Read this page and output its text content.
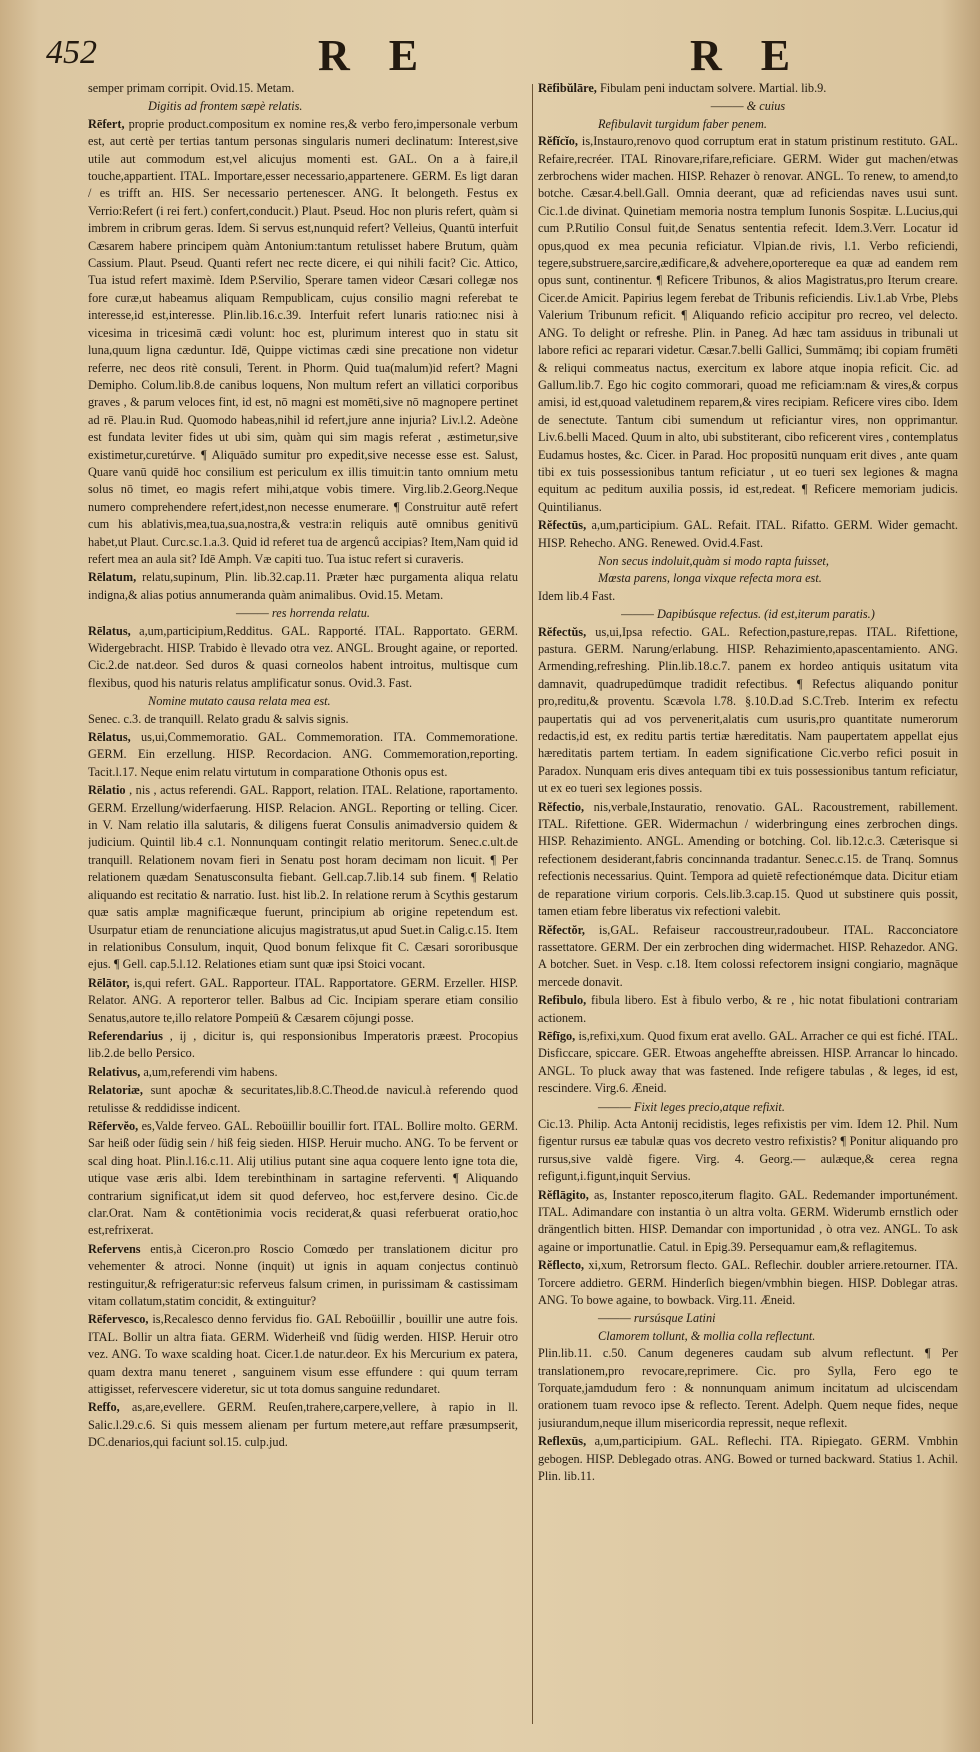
452	R E	R E

semper primam corripit. Ovid.15. Metam.

Digitis ad frontem sæpè relatis.

Rēfert, proprie product.compositum ex nomine res,& verbo fero,impersonale verbum est, aut certè per tertias tantum personas singularis numeri declinatum: Interest,sive utile aut commodum est,vel alicujus momenti est. GAL. On a à faire,il touche,appartient. ITAL. Importare,esser necessario,appartenere. GERM. Es ligt daran / es trifft an. HIS. Ser necessario pertenescer. ANG. It belongeth. Festus ex Verrio:Refert (i rei fert.) confert,conducit.) Plaut. Pseud. Hoc non pluris refert, quàm si imbrem in cribrum geras. Idem. Si servus est,nunquid refert? Velleius, Quantū interfuit Cæsarem habere principem quàm Antonium:tantum retulisset habere Brutum, quàm Cassium. Plaut. Pseud. Quanti refert nec recte dicere, ei qui nihili facit? Cic. Attico, Tua istud refert maximè. Idem P.Servilio, Sperare tamen videor Cæsari collegæ nos fore curæ,ut habeamus aliquam Rempublicam, cujus consilio magni referebat te interesse,id est,interesse. Plin.lib.16.c.39. Interfuit refert lunaris ratio:nec nisi à vicesima in tricesimā cædi volunt: hoc est, plurimum interest quo in statu sit luna,quum ligna cæduntur. Idē, Quippe victimas cædi sine precatione non videtur referre, nec deos ritè consuli, Terent. in Phorm. Quid tua(malum)id refert? Magni Demipho. Colum.lib.8.de canibus loquens, Non multum refert an villatici corporibus graves , & parum veloces fint, id est, nō magni est momēti,sive nō magnopere pertinet ad rē. Plau.in Rud. Quomodo habeas,nihil id refert,jure anne injuria? Liv.l.2. Adeòne est fundata leviter fides ut ubi sim, quàm qui sim magis referat , æstimetur,sive existimetur,curetúrve. ¶ Aliquādo sumitur pro expedit,sive necesse esse est. Salust, Quare vanū quidē hoc consilium est periculum ex illis timuit:in tanto omnium metu solus nō timet, eo magis refert mihi,atque vobis timere. Virg.lib.2.Georg.Neque numero comprehendere refert,idest,non necesse enumerare. ¶ Construitur autē refert cum his ablativis,mea,tua,sua,nostra,& vestra:in reliquis autē omnibus genitivū habet,ut Plaut. Curc.sc.1.a.3. Quid id referet tua de argenců accipias? Item,Nam quid id refert mea an aula sit? Idē Amph. Væ capiti tuo. Tua istuc refert si curaveris.

Rēlatum, relatu,supinum, Plin. lib.32.cap.11. Præter hæc purgamenta aliqua relatu indigna,& alias potius annumeranda quàm animalibus. Ovid.15. Metam.

——— res horrenda relatu.

Rēlatus, a,um,participium,Redditus. GAL. Rapporté. ITAL. Rapportato. GERM. Widergebracht. HISP. Trabido è llevado otra vez. ANGL. Brought againe, or reported. Cic.2.de nat.deor. Sed duros & quasi corneolos habent introitus, multisque cum flexibus, quod his naturis relatus amplificatur sonus. Ovid.3. Fast.

Nomine mutato causa relata mea est.

Senec. c.3. de tranquill. Relato gradu & salvis signis.

Rēlatus, us,ui,Commemoratio. GAL. Commemoration. ITA. Commemoratione. GERM. Ein erzellung. HISP. Recordacion. ANG. Commemoration,reporting. Tacit.l.17. Neque enim relatu virtutum in comparatione Othonis opus est.

Rēlatio , nis , actus referendi. GAL. Rapport, relation. ITAL. Relatione, raportamento. GERM. Erzellung/widerfaerung. HISP. Relacion. ANGL. Reporting or telling. Cicer. in V. Nam relatio illa salutaris, & diligens fuerat Consulis animadversio quidem & judicium. Quintil lib.4 c.1. Nonnunquam contingit relatio meritorum. Senec.c.ult.de tranquill. Relationem novam fieri in Senatu post horam decimam non licuit. ¶ Per relationem quædam Senatusconsulta fiebant. Gell.cap.7.lib.14 sub finem. ¶ Relatio aliquando est recitatio & narratio. Iust. hist lib.2. In relatione rerum à Scythis gestarum quæ satis amplæ magnificæque fuerunt, principium ab origine repetendum est. Usurpatur etiam de renunciatione alicujus magistratus,ut apud Suet.in Calig.c.15. Item in relationibus Consulum, inquit, Quod bonum felixque fit C. Cæsari sororibusque ejus. ¶ Gell. cap.5.l.12. Relationes etiam sunt quæ ipsi Stoici vocant.

Rēlātor, is,qui refert. GAL. Rapporteur. ITAL. Rapportatore. GERM. Erzeller. HISP. Relator. ANG. A reporteror teller. Balbus ad Cic. Incipiam sperare etiam consilio Senatus,autore te,illo relatore Pompeiū & Cæsarem cōjungi posse.

Referendarius , ij , dicitur is, qui responsionibus Imperatoris præest. Procopius lib.2.de bello Persico.

Relativus, a,um,referendi vim habens.

Relatoriæ, sunt apochæ & securitates,lib.8.C.Theod.de navicul.à referendo quod retulisse & reddidisse indicent.

Rēfervĕo, es,Valde ferveo. GAL. Reboüillir bouillir fort. ITAL. Bollire molto. GERM. Sar heiß oder ſüdig sein / hiß feig sieden. HISP. Heruir mucho. ANG. To be fervent or scal ding hoat. Plin.l.16.c.11. Alij utilius putant sine aqua coquere lento igne tota die, utique vase æris albi. Idem terebinthinam in sartagine referventi. ¶ Aliquando contrarium significat,ut idem sit quod deferveo, hoc est,fervere desino. Cic.de clar.Orat. Nam & contētionimia vocis reciderat,& quasi referbuerat oratio,hoc est,refrixerat.

Refervens entis,à Ciceron.pro Roscio Comœdo per translationem dicitur pro vehementer & atroci. Nonne (inquit) ut ignis in aquam conjectus continuò restinguitur,& refrigeratur:sic referveus falsum crimen, in purissimam & castissimam vitam collatum,statim concidit, & extinguitur?

Rēfervesco, is,Recalesco denno fervidus fio. GAL Reboüillir , bouillir une autre fois. ITAL. Bollir un altra fiata. GERM. Widerheiß vnd ſüdig werden. HISP. Heruir otro vez. ANG. To waxe scalding hoat. Cicer.1.de natur.deor. Ex his Mercurium ex patera, quam dextra manu teneret , sanguinem visum esse effundere : qui quum terram attigisset, refervescere videretur, sic ut tota domus sanguine redundaret.

Reffo, as,are,evellere. GERM. Reuſen,trahere,carpere,vellere, à rapio in ll. Salic.l.29.c.6. Si quis messem alienam per furtum metere,aut reffare præsumpserit, DC.denarios,qui faciunt sol.15. culp.jud.

Rēfibŭlāre, Fibulam peni inductam solvere. Martial. lib.9.

——— & cuius

Refibulavit turgidum faber penem.

Rĕfĭcĭo, is,Instauro,renovo quod corruptum erat in statum pristinum restituto. GAL. Refaire,recréer. ITAL Rinovare,rifare,reficiare. GERM. Wider gut machen/etwas zerbrochens wider machen. HISP. Rehazer ò renovar. ANGL. To renew, to amend,to botche. Cæsar.4.bell.Gall. Omnia deerant, quæ ad reficiendas naves usui sunt. Cic.1.de divinat. Quinetiam memoria nostra templum Iunonis Sospitæ. L.Lucius,qui cum P.Rutilio Consul fuit,de Senatus sententia refecit. Idem.3.Verr. Locatur id opus,quod ex mea pecunia reficiatur. Vlpian.de rivis, l.1. Verbo reficiendi, tegere,substruere,sarcire,ædificare,& advehere,oportereque ea quæ ad eandem rem opus sunt, continentur. ¶ Reficere Tribunos, & alios Magistratus,pro Iterum creare. Cicer.de Amicit. Papirius legem ferebat de Tribunis reficiendis. Liv.1.ab Vrbe, Plebs Valerium Tribunum reficit. ¶ Aliquando reficio accipitur pro recreo, vel delecto. ANG. To delight or refreshe. Plin. in Paneg. Ad hæc tam assiduus in tribunali ut labore refici ac reparari videtur. Cæsar.7.belli Gallici, Summāmq; ibi copiam frumēti & reliqui commeatus nactus, exercitum ex labore atque inopia reficit. Cic. ad Gallum.lib.7. Ego hic cogito commorari, quoad me reficiam:nam & vires,& corpus amisi, id est,quoad valetudinem reparem,& vires recipiam. Reficere vires cibo. Idem de senectute. Tantum cibi sumendum ut reficiantur vires, non opprimantur. Liv.6.belli Maced. Quum in alto, ubi substiterant, cibo reficerent vires , contemplatus Eudamus hostes, &c. Cicer. in Parad. Hoc propositū nunquam erit dives , ante quam tibi ex tuis possessionibus tantum reficiatur , ut eo tueri sex legiones & magna equitum ac peditum auxilia possis, id est,redeat. ¶ Reficere memoriam judicis. Quintilianus.

Rĕfectūs, a,um,participium. GAL. Refait. ITAL. Rifatto. GERM. Wider gemacht. HISP. Rehecho. ANG. Renewed. Ovid.4.Fast.

Non secus indoluit,quàm si modo rapta fuisset,

Mœsta parens, longa vixque refecta mora est.

Idem lib.4 Fast.

——— Dapibúsque refectus. (id est,iterum paratis.)

Rĕfectŭs, us,ui,Ipsa refectio. GAL. Refection,pasture,repas. ITAL. Rifettione, pastura. GERM. Narung/erlabung. HISP. Rehazimiento,apascentamiento. ANG. Armending,refreshing. Plin.lib.18.c.7. panem ex hordeo antiquis usitatum vita damnavit, quadrupedūmque tradidit refectibus. ¶ Refectus aliquando ponitur pro,reditu,& proventu. Scævola l.78. §.10.D.ad S.C.Treb. Interim ex refectu paupertatis qui ad vos pervenerit,alatis cum usuris,pro quantitate numerorum redactis,id est, ex reditu partis tertiæ hæreditatis. Nam paupertatem appellat ejus hæreditatis partem tertiam. In eadem significatione Cic.verbo refici posuit in Paradox. Nunquam eris dives antequam tibi ex tuis possessionibus tantum reficiatur, ut ex eo tueri sex legiones possis.

Rĕfectio, nis,verbale,Instauratio, renovatio. GAL. Racoustrement, rabillement. ITAL. Rifettione. GER. Widermachun / widerbringung eines zerbrochen dings. HISP. Rehazimiento. ANGL. Amending or botching. Col. lib.12.c.3. Cæterisque si refectionem desiderant,fabris concinnanda tradantur. Senec.c.15. de Tranq. Somnus refectionis necessarius. Quint. Tempora ad quietē refectionémque data. Dicitur etiam de reparatione virium corporis. Cels.lib.3.cap.15. Quod ut substinere quis possit, tamen etiam febre liberatus vix refectioni valebit.

Rĕfectŏr, is,GAL. Refaiseur raccoustreur,radoubeur. ITAL. Racconciatore rassettatore. GERM. Der ein zerbrochen ding widermachet. HISP. Rehazedor. ANG. A botcher. Suet. in Vesp. c.18. Item colossi refectorem insigni congiario, magnāque mercede donavit.

Refibulo, fibula libero. Est à fibulo verbo, & re , hic notat fibulationi contrariam actionem.

Rēfīgo, is,refixi,xum. Quod fixum erat avello. GAL. Arracher ce qui est fiché. ITAL. Disficcare, spiccare. GER. Etwoas angeheffte abreissen. HISP. Arrancar lo hincado. ANGL. To pluck away that was fastened. Inde refigere tabulas , & leges, id est, rescindere. Virg.6. Æneid.

——— Fixit leges precio,atque refixit.

Cic.13. Philip. Acta Antonij recidistis, leges refixistis per vim. Idem 12. Phil. Num figentur rursus eæ tabulæ quas vos decreto vestro refixistis? ¶ Ponitur aliquando pro rursus,sive valdè figere. Virg. 4. Georg.— aulæque,& cerea regna refigunt,i.figunt,inquit Servius.

Rĕflāgito, as, Instanter reposco,iterum flagito. GAL. Redemander importunément. ITAL. Adimandare con instantia ò un altra volta. GERM. Widerumb ernstlich oder drängentlich bitten. HISP. Demandar con importunidad , ò otra vez. ANGL. To ask againe or importunatlie. Catul. in Epig.39. Persequamur eam,& reflagitemus.

Rĕflecto, xi,xum, Retrorsum flecto. GAL. Reflechir. doubler arriere.retourner. ITA. Torcere addietro. GERM. Hinderſich biegen/vmbhin biegen. HISP. Doblegar atras. ANG. To bowe againe, to bowback. Virg.11. Æneid.

——— rursúsque Latini

Clamorem tollunt, & mollia colla reflectunt.

Plin.lib.11. c.50. Canum degeneres caudam sub alvum reflectunt. ¶ Per translationem,pro revocare,reprimere. Cic. pro Sylla, Fero ego te Torquate,jamdudum fero : & nonnunquam animum incitatum ad ulciscendam orationem tuam revoco ipse & reflecto. Terent. Adelph. Quem neque fides, neque jusiurandum,neque illum misericordia repressit, neque reflexit.

Reflexūs, a,um,participium. GAL. Reflechi. ITA. Ripiegato. GERM. Vmbhin gebogen. HISP. Deblegado otras. ANG. Bowed or turned backward. Statius 1. Achil. Plin. lib.11.
